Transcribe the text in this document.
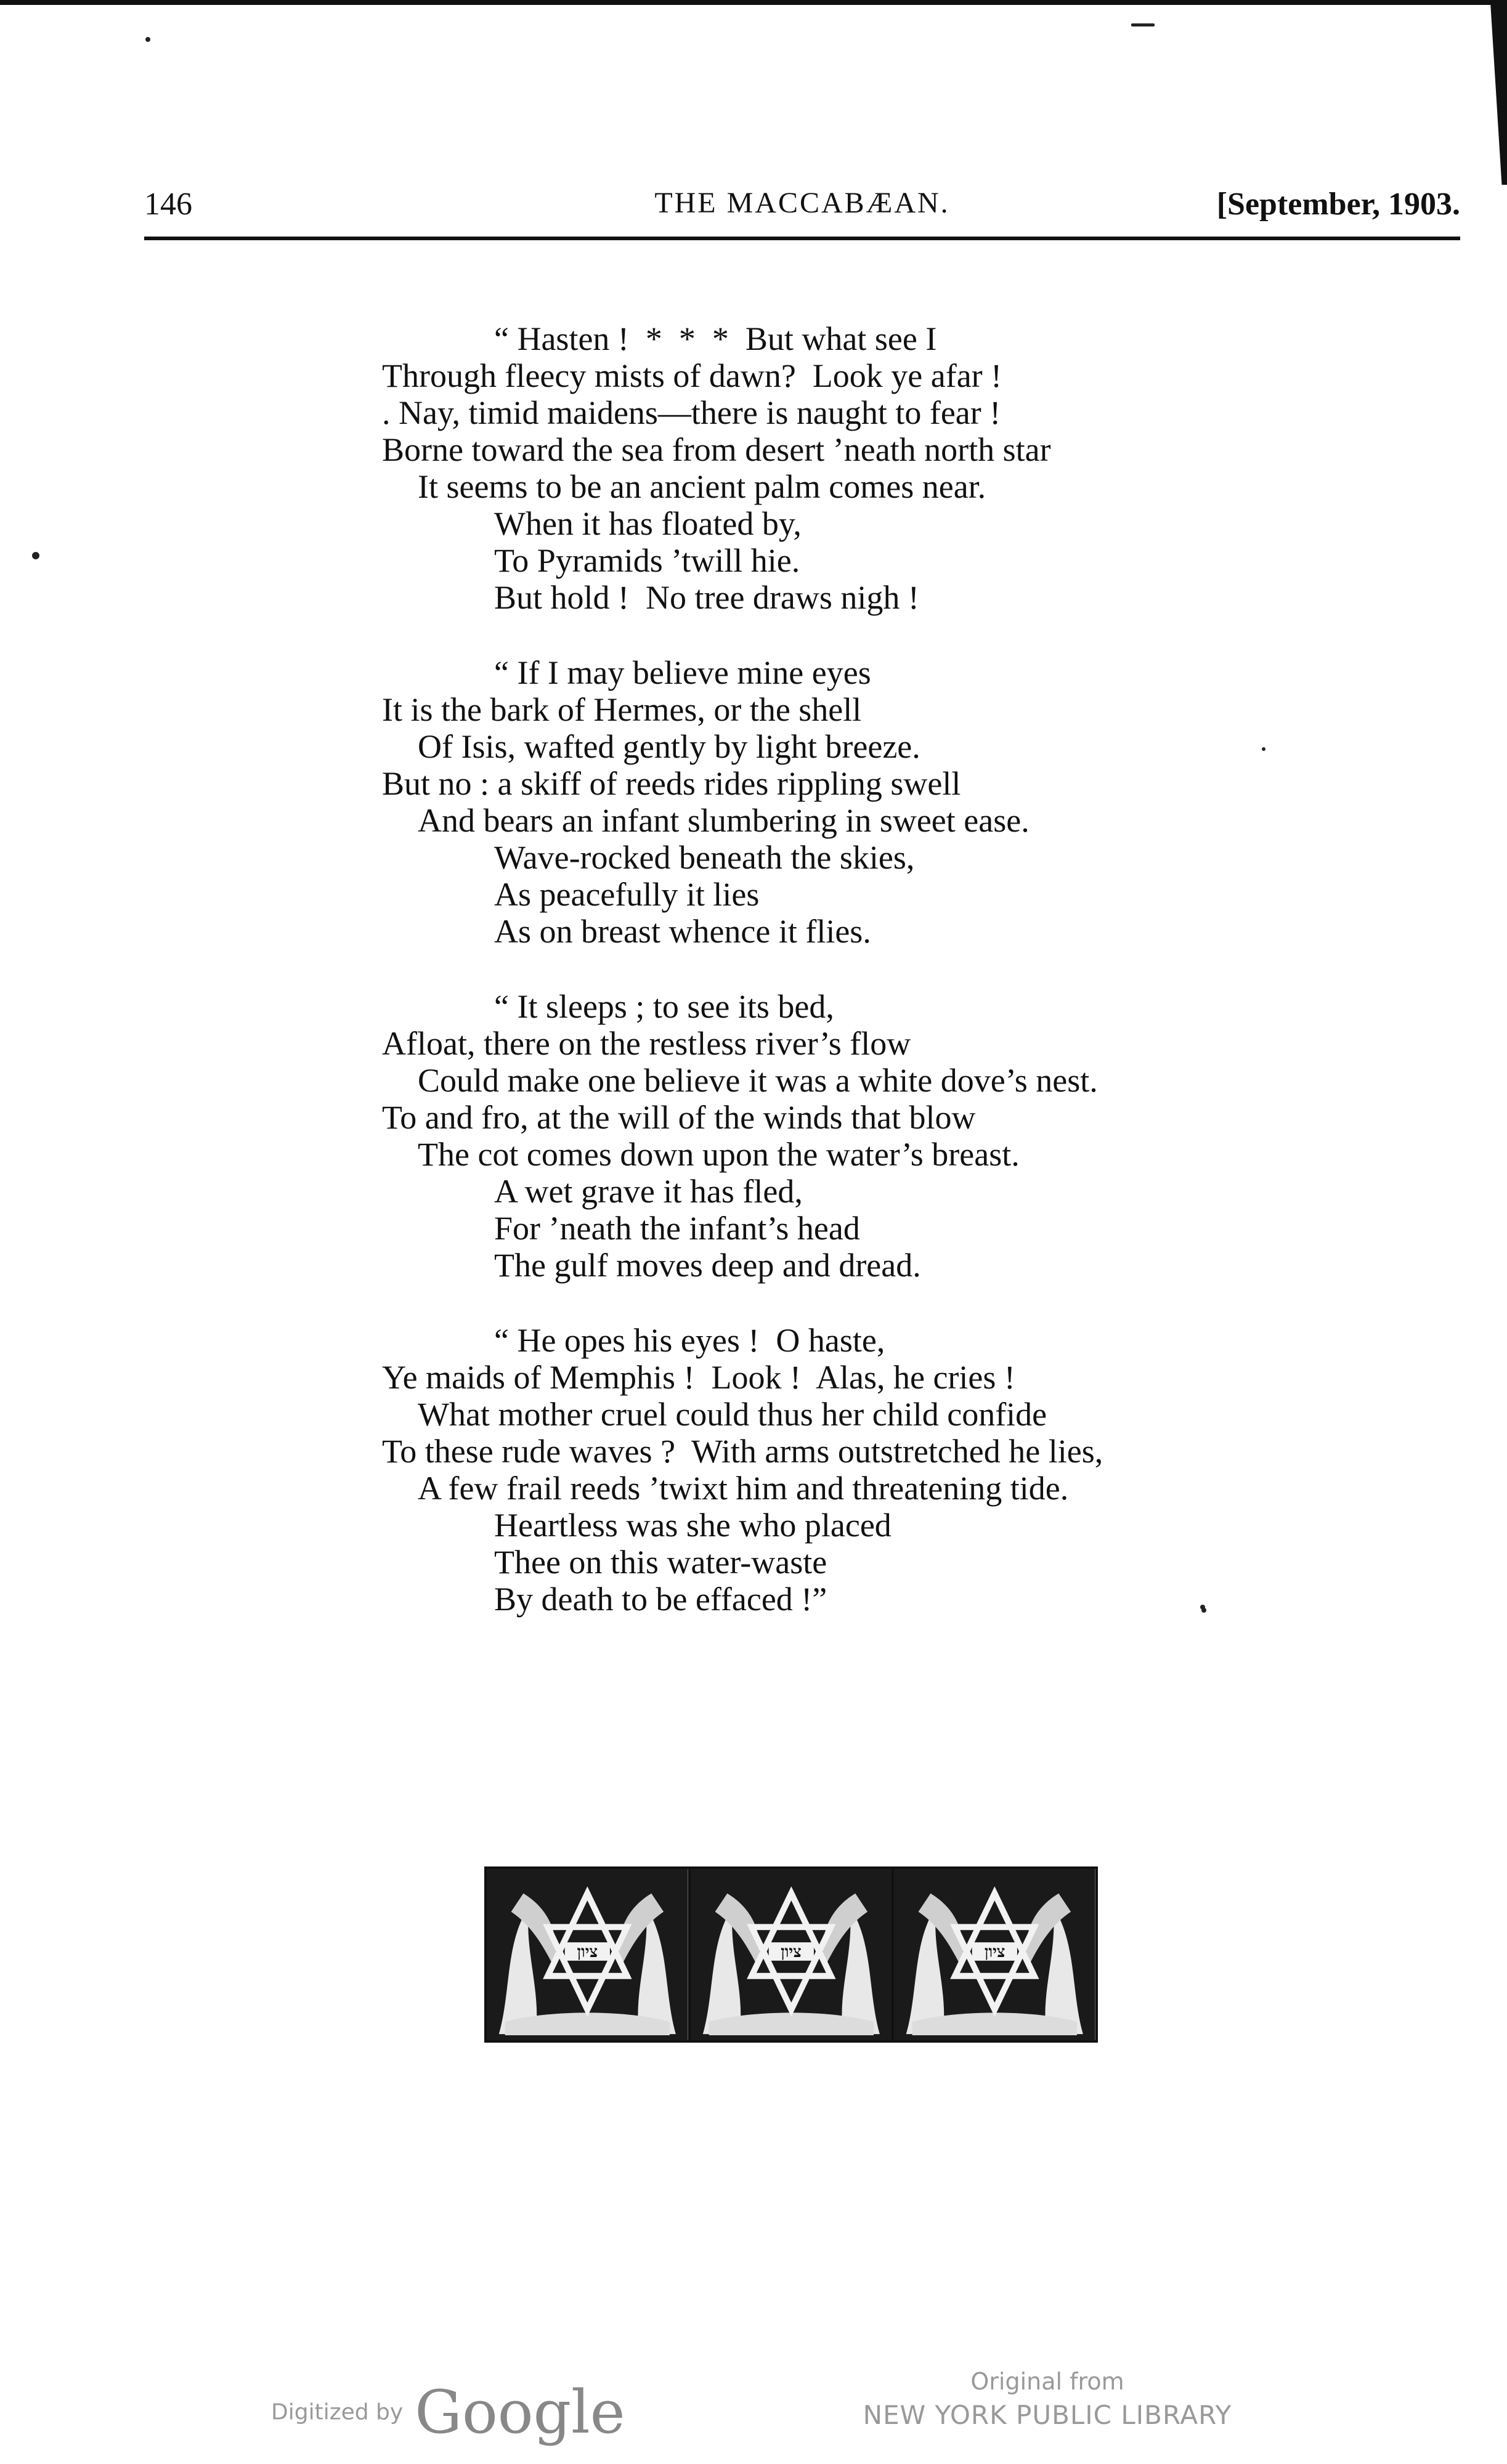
146	THE MACCABÆAN.	[September, 1903.
“ Hasten !  *  *  *  But what see I
Through fleecy mists of dawn?  Look ye afar !
. Nay, timid maidens—there is naught to fear !
Borne toward the sea from desert ’neath north star
It seems to be an ancient palm comes near.
When it has floated by,
To Pyramids ’twill hie.
But hold !  No tree draws nigh !
“ If I may believe mine eyes
It is the bark of Hermes, or the shell
Of Isis, wafted gently by light breeze.
But no : a skiff of reeds rides rippling swell
And bears an infant slumbering in sweet ease.
Wave-rocked beneath the skies,
As peacefully it lies
As on breast whence it flies.
“ It sleeps ; to see its bed,
Afloat, there on the restless river’s flow
Could make one believe it was a white dove’s nest.
To and fro, at the will of the winds that blow
The cot comes down upon the water’s breast.
A wet grave it has fled,
For ’neath the infant’s head
The gulf moves deep and dread.
“ He opes his eyes !  O haste,
Ye maids of Memphis !  Look !  Alas, he cries !
What mother cruel could thus her child confide
To these rude waves ?  With arms outstretched he lies,
A few frail reeds ’twixt him and threatening tide.
Heartless was she who placed
Thee on this water-waste
By death to be effaced !”
ציון	ציון	ציון
Digitized by Google	Original from
NEW YORK PUBLIC LIBRARY
